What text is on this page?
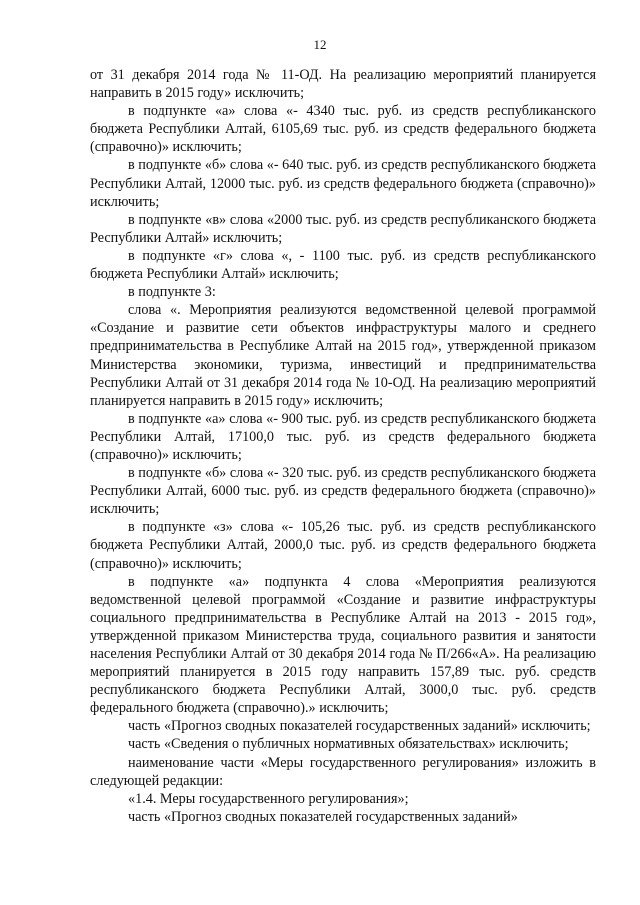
12

от 31 декабря 2014 года № 11-ОД. На реализацию мероприятий планируется направить в 2015 году» исключить;

в подпункте «а» слова «- 4340 тыс. руб. из средств республиканского бюджета Республики Алтай, 6105,69 тыс. руб. из средств федерального бюджета (справочно)» исключить;

в подпункте «б» слова «- 640 тыс. руб. из средств республиканского бюджета Республики Алтай, 12000 тыс. руб. из средств федерального бюджета (справочно)» исключить;

в подпункте «в» слова «2000 тыс. руб. из средств республиканского бюджета Республики Алтай» исключить;

в подпункте «г» слова «, - 1100 тыс. руб. из средств республиканского бюджета Республики Алтай» исключить;

в подпункте 3:

слова «. Мероприятия реализуются ведомственной целевой программой «Создание и развитие сети объектов инфраструктуры малого и среднего предпринимательства в Республике Алтай на 2015 год», утвержденной приказом Министерства экономики, туризма, инвестиций и предпринимательства Республики Алтай от 31 декабря 2014 года № 10-ОД. На реализацию мероприятий планируется направить в 2015 году» исключить;

в подпункте «а» слова «- 900 тыс. руб. из средств республиканского бюджета Республики Алтай, 17100,0 тыс. руб. из средств федерального бюджета (справочно)» исключить;

в подпункте «б» слова «- 320 тыс. руб. из средств республиканского бюджета Республики Алтай, 6000 тыс. руб. из средств федерального бюджета (справочно)» исключить;

в подпункте «з» слова «- 105,26 тыс. руб. из средств республиканского бюджета Республики Алтай, 2000,0 тыс. руб. из средств федерального бюджета (справочно)» исключить;

в подпункте «а» подпункта 4 слова «Мероприятия реализуются ведомственной целевой программой «Создание и развитие инфраструктуры социального предпринимательства в Республике Алтай на 2013 - 2015 год», утвержденной приказом Министерства труда, социального развития и занятости населения Республики Алтай от 30 декабря 2014 года № П/266«А». На реализацию мероприятий планируется в 2015 году направить 157,89 тыс. руб. средств республиканского бюджета Республики Алтай, 3000,0 тыс. руб. средств федерального бюджета (справочно).» исключить;

часть «Прогноз сводных показателей государственных заданий» исключить;

часть «Сведения о публичных нормативных обязательствах» исключить;

наименование части «Меры государственного регулирования» изложить в следующей редакции:

«1.4. Меры государственного регулирования»;

часть «Прогноз сводных показателей государственных заданий»
